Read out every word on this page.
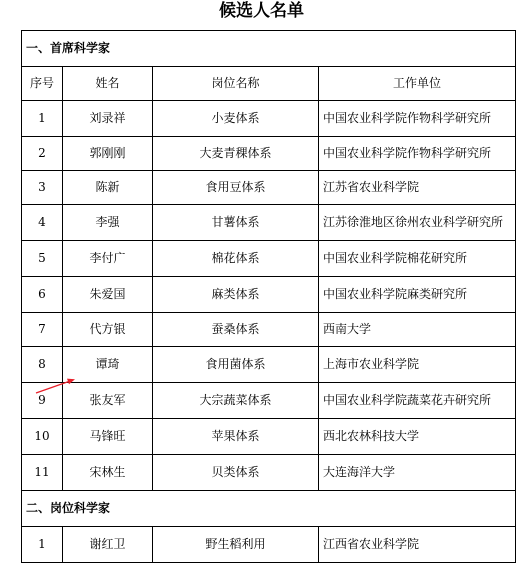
候选人名单
一、首席科学家			
序号	姓名	岗位名称	工作单位
1	刘录祥	小麦体系	中国农业科学院作物科学研究所
2	郭刚刚	大麦青稞体系	中国农业科学院作物科学研究所
3	陈新	食用豆体系	江苏省农业科学院
4	李强	甘薯体系	江苏徐淮地区徐州农业科学研究所
5	李付广	棉花体系	中国农业科学院棉花研究所
6	朱爱国	麻类体系	中国农业科学院麻类研究所
7	代方银	蚕桑体系	西南大学
8	谭琦	食用菌体系	上海市农业科学院
9	张友军	大宗蔬菜体系	中国农业科学院蔬菜花卉研究所
10	马锋旺	苹果体系	西北农林科技大学
11	宋林生	贝类体系	大连海洋大学
二、岗位科学家			
1	谢红卫	野生稻利用	江西省农业科学院
